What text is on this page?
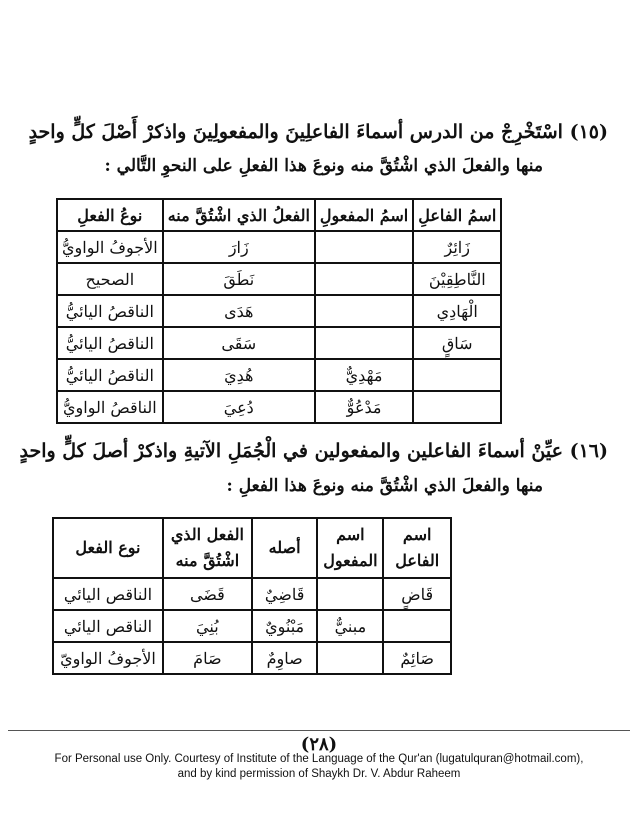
(١٥) اسْتَخْرِجْ من الدرس أسماءَ الفاعلِينَ والمفعولِينَ واذكرْ أَصْلَ كلٍّ واحدٍ
منها والفعلَ الذي اشْتُقَّ منه ونوعَ هذا الفعلِ على النحوِ التَّالي :
اسمُ الفاعلِ	اسمُ المفعولِ	الفعلُ الذي اشْتُقَّ منه	نوعُ الفعلِ
زَائِرٌ		زَارَ	الأجوفُ الواويُّ
النَّاطِقِيْنَ		نَطَقَ	الصحيح
الْهَادِي		هَدَى	الناقصُ اليائيُّ
سَاقٍ		سَقَى	الناقصُ اليائيُّ
	مَهْدِيٌّ	هُدِيَ	الناقصُ اليائيُّ
	مَدْعُوٌّ	دُعِيَ	الناقصُ الواويُّ
(١٦) عيِّنْ أسماءَ الفاعلين والمفعولين في الْجُمَلِ الآتيةِ واذكرْ أصلَ كلٍّ واحدٍ
منها والفعلَ الذي اشْتُقَّ منه ونوعَ هذا الفعلِ :
اسم الفاعل	اسم المفعول	أصله	الفعل الذي اشْتُقَّ منه	نوع الفعل
قَاضٍ		قَاضِيٌ	قَضَى	الناقص اليائي
	مبنيٌّ	مَبْنُويٌ	بُنِيَ	الناقص اليائي
صَائِمٌ		صاوِمٌ	صَامَ	الأجوفُ الواويّ
(٢٨)
For Personal use Only. Courtesy of Institute of the Language of the Qur'an (lugatulquran@hotmail.com),
and by kind permission of Shaykh Dr. V. Abdur Raheem
